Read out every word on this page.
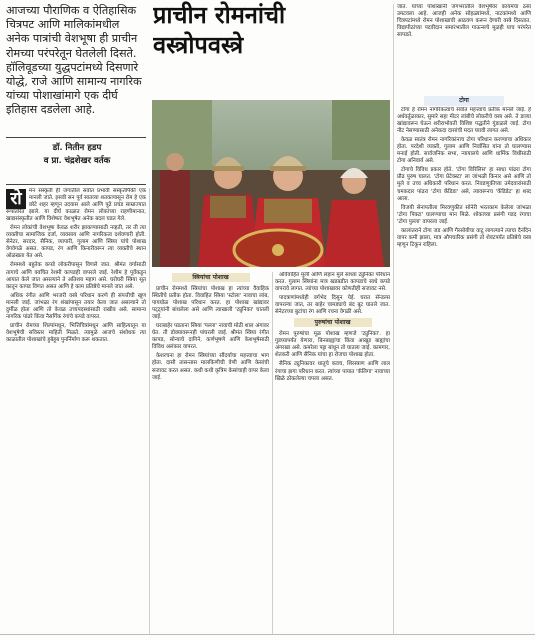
आजच्या पौराणिक व ऐतिहासिक चित्रपट आणि मालिकांमधील अनेक पात्रांची वेशभूषा ही प्राचीन रोमच्या परंपरेतून घेतलेली दिसते. हॉलिवूडच्या युद्धपटांमध्ये दिसणारे योद्धे, राजे आणि सामान्य नागरिक यांच्या पोशाखांमागे एक दीर्घ इतिहास दडलेला आहे.
डॉ. नितीन हडप
व प्रा. चंद्रशेखर वर्तक
रो	मन संस्कृती ही जगातील सर्वात प्रभावी संस्कृतींपैकी एक मानली जाते. इसवी सन पूर्व सातव्या शतकापासून रोम हे एक छोटे शहर म्हणून उदयास आले आणि पुढे प्रचंड साम्राज्यात रूपांतरित झाले. या दीर्घ काळात रोमन लोकांच्या राहणीमानात, खाद्यसंस्कृतीत आणि विशेषतः वेशभूषेत अनेक बदल घडत गेले.

रोमन लोकांची वेशभूषा केवळ शरीर झाकण्यासाठी नव्हती, तर ती त्या व्यक्तीचा सामाजिक दर्जा, व्यवसाय आणि नागरिकत्व दर्शवणारी होती. सेनेटर, सरदार, सैनिक, व्यापारी, गुलाम आणि स्त्रिया यांचे पोशाख वेगवेगळे असत. कापड, रंग आणि किनारीवरून त्या व्यक्तीचे स्थान ओळखता येत असे.

रोममध्ये बहुतेक कपडे लोकरीपासून विणले जात. श्रीमंत वर्गासाठी तागाचे आणि क्वचित रेशमी कापडही वापरले जाई. रेशीम हे पूर्वेकडून आयात केले जात असल्याने ते अतिशय महाग असे. घरोघरी स्त्रिया सूत कातून कापड विणत असत आणि हे काम प्रतिष्ठेचे मानले जात असे.

अधिक रंगीत आणि भरजरी वस्त्रे परिधान करणे ही संपत्तीची खूण मानली जाई. जांभळा रंग शंखांपासून तयार केला जात असल्याने तो दुर्मीळ होता आणि तो केवळ उच्चपदस्थांसाठी राखीव असे. सामान्य नागरिक पांढरे किंवा नैसर्गिक रंगांचे कपडे वापरत.

प्राचीन रोमच्या शिल्पांमधून, भित्तिचित्रांमधून आणि साहित्यातून या वेशभूषेची सविस्तर माहिती मिळते. त्यामुळे आजचे संशोधक त्या काळातील पोशाखांचे हुबेहूब पुनर्निर्माण करू शकतात.

प्राचीन रोमनांची
वस्त्रोपवस्त्रे
स्त्रियांचा पोशाख

प्राचीन रोममध्ये स्त्रियांचा पोशाख हा त्यांच्या वैवाहिक स्थितीचे प्रतीक होता. विवाहित स्त्रिया 'स्टोला' नावाचा लांब, पायघोळ पोशाख परिधान करत. हा पोशाख खांद्यावर पट्ट्यांनी बांधलेला असे आणि त्याखाली 'ट्युनिका' घातली जाई.

घराबाहेर पडताना स्त्रिया 'पल्ला' नावाची मोठी शाल अंगावर घेत. ती डोक्यावरूनही पांघरली जाई. श्रीमंत स्त्रिया रंगीत कापड, सोन्याचे दागिने, कर्णभूषणे आणि केशभूषेसाठी विविध अलंकार वापरत.

केशरचना हा रोमन स्त्रियांच्या सौंदर्याचा महत्त्वाचा भाग होता. दासी तासन्तास मालकिणीची वेणी आणि केसांची सजावट करत असत. कधी कधी कृत्रिम केसांचाही वापर केला जाई.

अविवाहित मुली आणि लहान मुले साध्या ट्युनिका परिधान करत. गुलाम स्त्रियांना मात्र खडबडीत कापडाचे साधे कपडे वापरावे लागत. त्यांच्या पोशाखावर कोणतीही सजावट नसे.

पादत्राणांमध्येही वर्गभेद दिसून येई. घरात सॅन्डल्स वापरल्या जात, तर बाहेर चामड्याचे बंद बूट घातले जात. सेनेटरच्या बुटांचा रंग आणि रचना वेगळी असे.

पुरुषांचा पोशाख

रोमन पुरुषांचा मूळ पोशाख म्हणजे 'ट्युनिका'. हा गुडघ्यापर्यंत येणारा, बिनबाह्यांचा किंवा आखूड बाह्यांचा अंगरखा असे. कमरेला पट्टा बांधून तो घातला जाई. कामगार, शेतकरी आणि सैनिक यांचा हा रोजचा पोशाख होता.

सैनिक ट्युनिकावर धातूचे कवच, शिरस्त्राण आणि लाल रंगाचा झगा परिधान करत. त्यांच्या पायात 'कॅलिगा' नावाच्या खिळे ठोकलेल्या चपला असत.

जात. यांच्या पोशाखांनी जगभरातील वेशभूषेवर कायमचा ठसा उमटवला आहे. आजही अनेक सोहळ्यांमध्ये, नाटकांमध्ये आणि चित्रपटांमध्ये रोमन पोशाखाची आठवण करून देणारी वस्त्रे दिसतात. विद्यापीठांच्या पदवीदान समारंभातील गाऊन्सचे मूळही याच परंपरेत सापडते.

टोगा

टोगा हे रोमन नागरिकत्वाचे सर्वात महत्त्वाचे प्रतीक मानले जाई. हे अर्धवर्तुळाकार, सुमारे सहा मीटर लांबीचे लोकरीचे वस्त्र असे. ते डाव्या खांद्यावरून घेऊन शरीराभोवती विशिष्ट पद्धतीने गुंडाळले जाई. टोगा नीट नेसण्यासाठी अनेकदा दासांची मदत घ्यावी लागत असे.

केवळ स्वतंत्र रोमन नागरिकांनाच टोगा परिधान करण्याचा अधिकार होता. परदेशी व्यक्ती, गुलाम आणि निर्वासित यांना तो घालण्यास मनाई होती. सार्वजनिक सभा, न्यायालये आणि धार्मिक विधींसाठी टोगा अनिवार्य असे.

टोगाचे विविध प्रकार होते. 'टोगा विरिलिस' हा साधा पांढरा टोगा प्रौढ पुरुष घालत. 'टोगा प्रेटेक्स्टा' ला जांभळी किनार असे आणि तो मुले व उच्च अधिकारी परिधान करत. निवडणुकीच्या उमेदवारांसाठी चमकदार पांढरा 'टोगा कँडिडा' असे, त्यावरूनच 'कँडिडेट' हा शब्द आला.

विजयी सेनापतीला मिरवणुकीत सोनेरी भरतकाम केलेला जांभळा 'टोगा पिक्टा' घालण्याचा मान मिळे. शोकाच्या प्रसंगी गडद रंगाचा 'टोगा पुल्ला' वापरला जाई.

कालांतराने टोगा जड आणि गैरसोयीचा वाटू लागल्याने त्याचा दैनंदिन वापर कमी झाला, मात्र औपचारिक प्रसंगी तो शेवटपर्यंत प्रतिष्ठेचे वस्त्र म्हणून टिकून राहिला.
